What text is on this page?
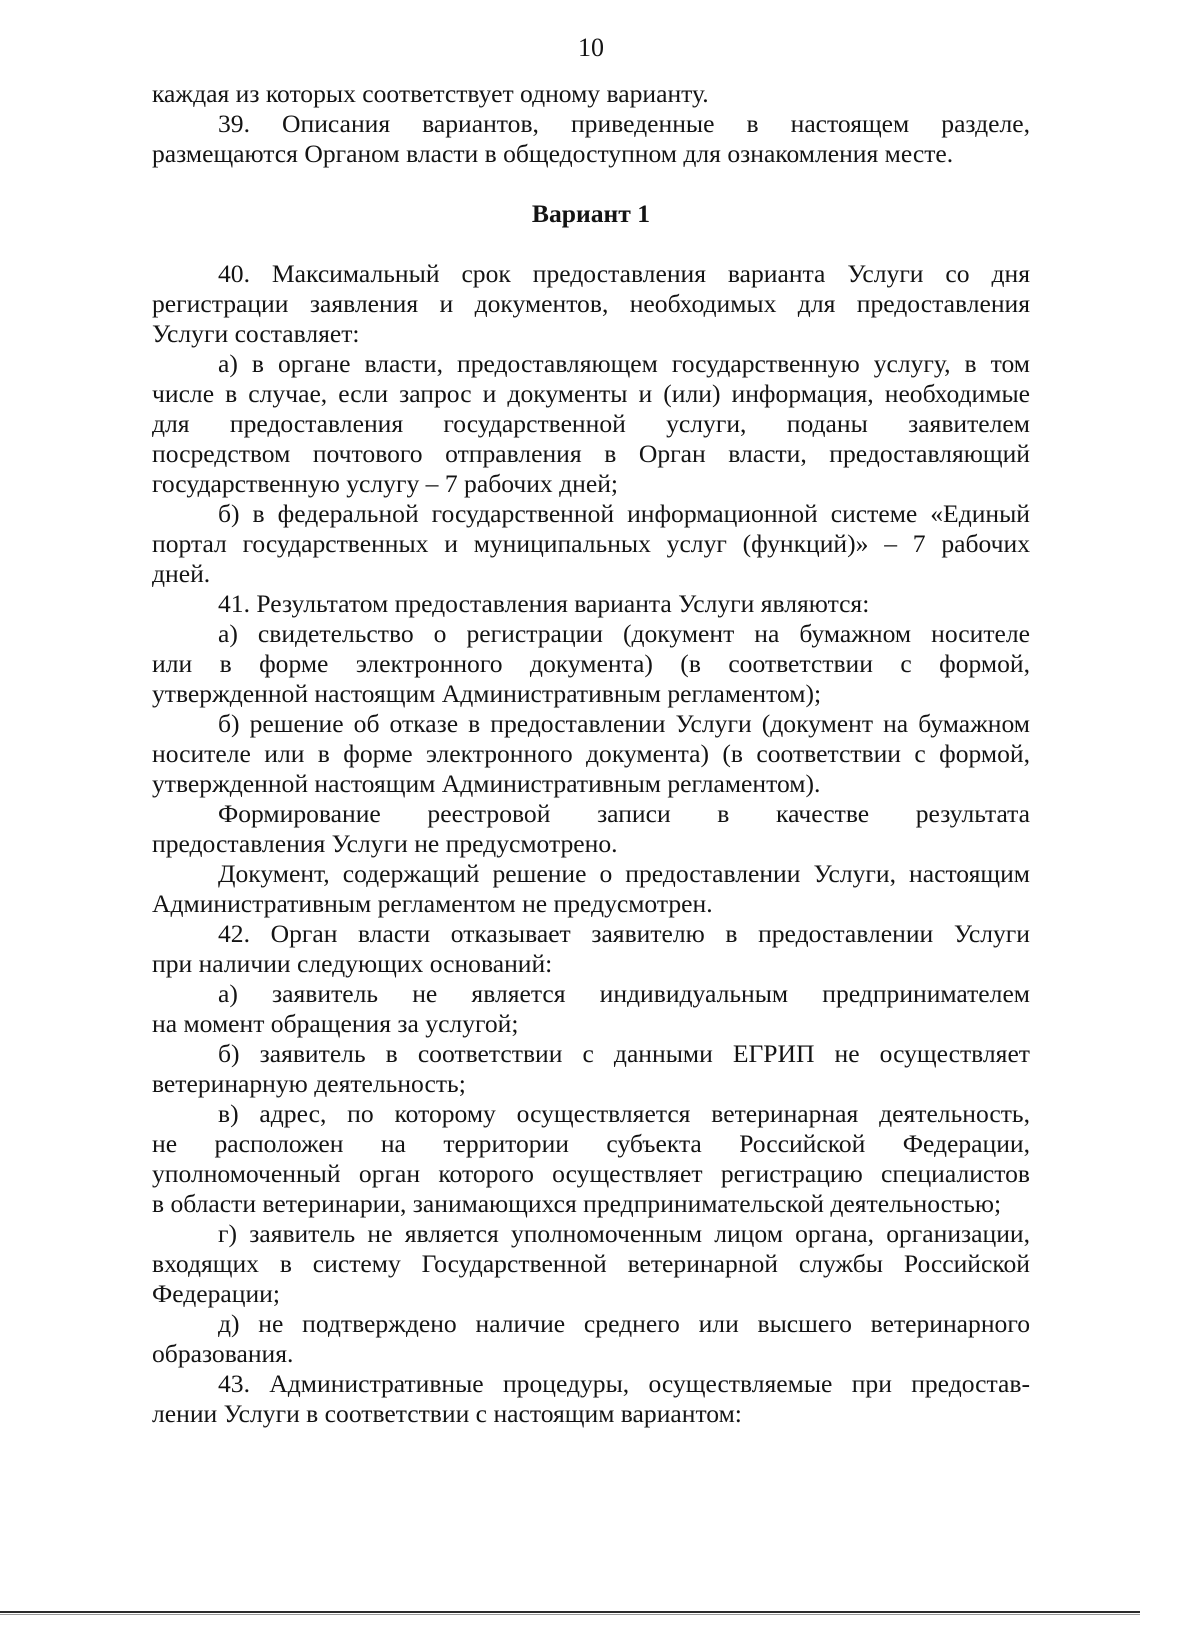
10
каждая из которых соответствует одному варианту.
39. Описания вариантов, приведенные в настоящем разделе,
размещаются Органом власти в общедоступном для ознакомления месте.
Вариант 1
40. Максимальный срок предоставления варианта Услуги со дня
регистрации заявления и документов, необходимых для предоставления
Услуги составляет:
а) в органе власти, предоставляющем государственную услугу, в том
числе в случае, если запрос и документы и (или) информация, необходимые
для предоставления государственной услуги, поданы заявителем
посредством почтового отправления в Орган власти, предоставляющий
государственную услугу – 7 рабочих дней;
б) в федеральной государственной информационной системе «Единый
портал государственных и муниципальных услуг (функций)» – 7 рабочих
дней.
41. Результатом предоставления варианта Услуги являются:
а) свидетельство о регистрации (документ на бумажном носителе
или в форме электронного документа) (в соответствии с формой,
утвержденной настоящим Административным регламентом);
б) решение об отказе в предоставлении Услуги (документ на бумажном
носителе или в форме электронного документа) (в соответствии с формой,
утвержденной настоящим Административным регламентом).
Формирование реестровой записи в качестве результата
предоставления Услуги не предусмотрено.
Документ, содержащий решение о предоставлении Услуги, настоящим
Административным регламентом не предусмотрен.
42. Орган власти отказывает заявителю в предоставлении Услуги
при наличии следующих оснований:
а) заявитель не является индивидуальным предпринимателем
на момент обращения за услугой;
б) заявитель в соответствии с данными ЕГРИП не осуществляет
ветеринарную деятельность;
в) адрес, по которому осуществляется ветеринарная деятельность,
не расположен на территории субъекта Российской Федерации,
уполномоченный орган которого осуществляет регистрацию специалистов
в области ветеринарии, занимающихся предпринимательской деятельностью;
г) заявитель не является уполномоченным лицом органа, организации,
входящих в систему Государственной ветеринарной службы Российской
Федерации;
д) не подтверждено наличие среднего или высшего ветеринарного
образования.
43. Административные процедуры, осуществляемые при предостав-
лении Услуги в соответствии с настоящим вариантом:
